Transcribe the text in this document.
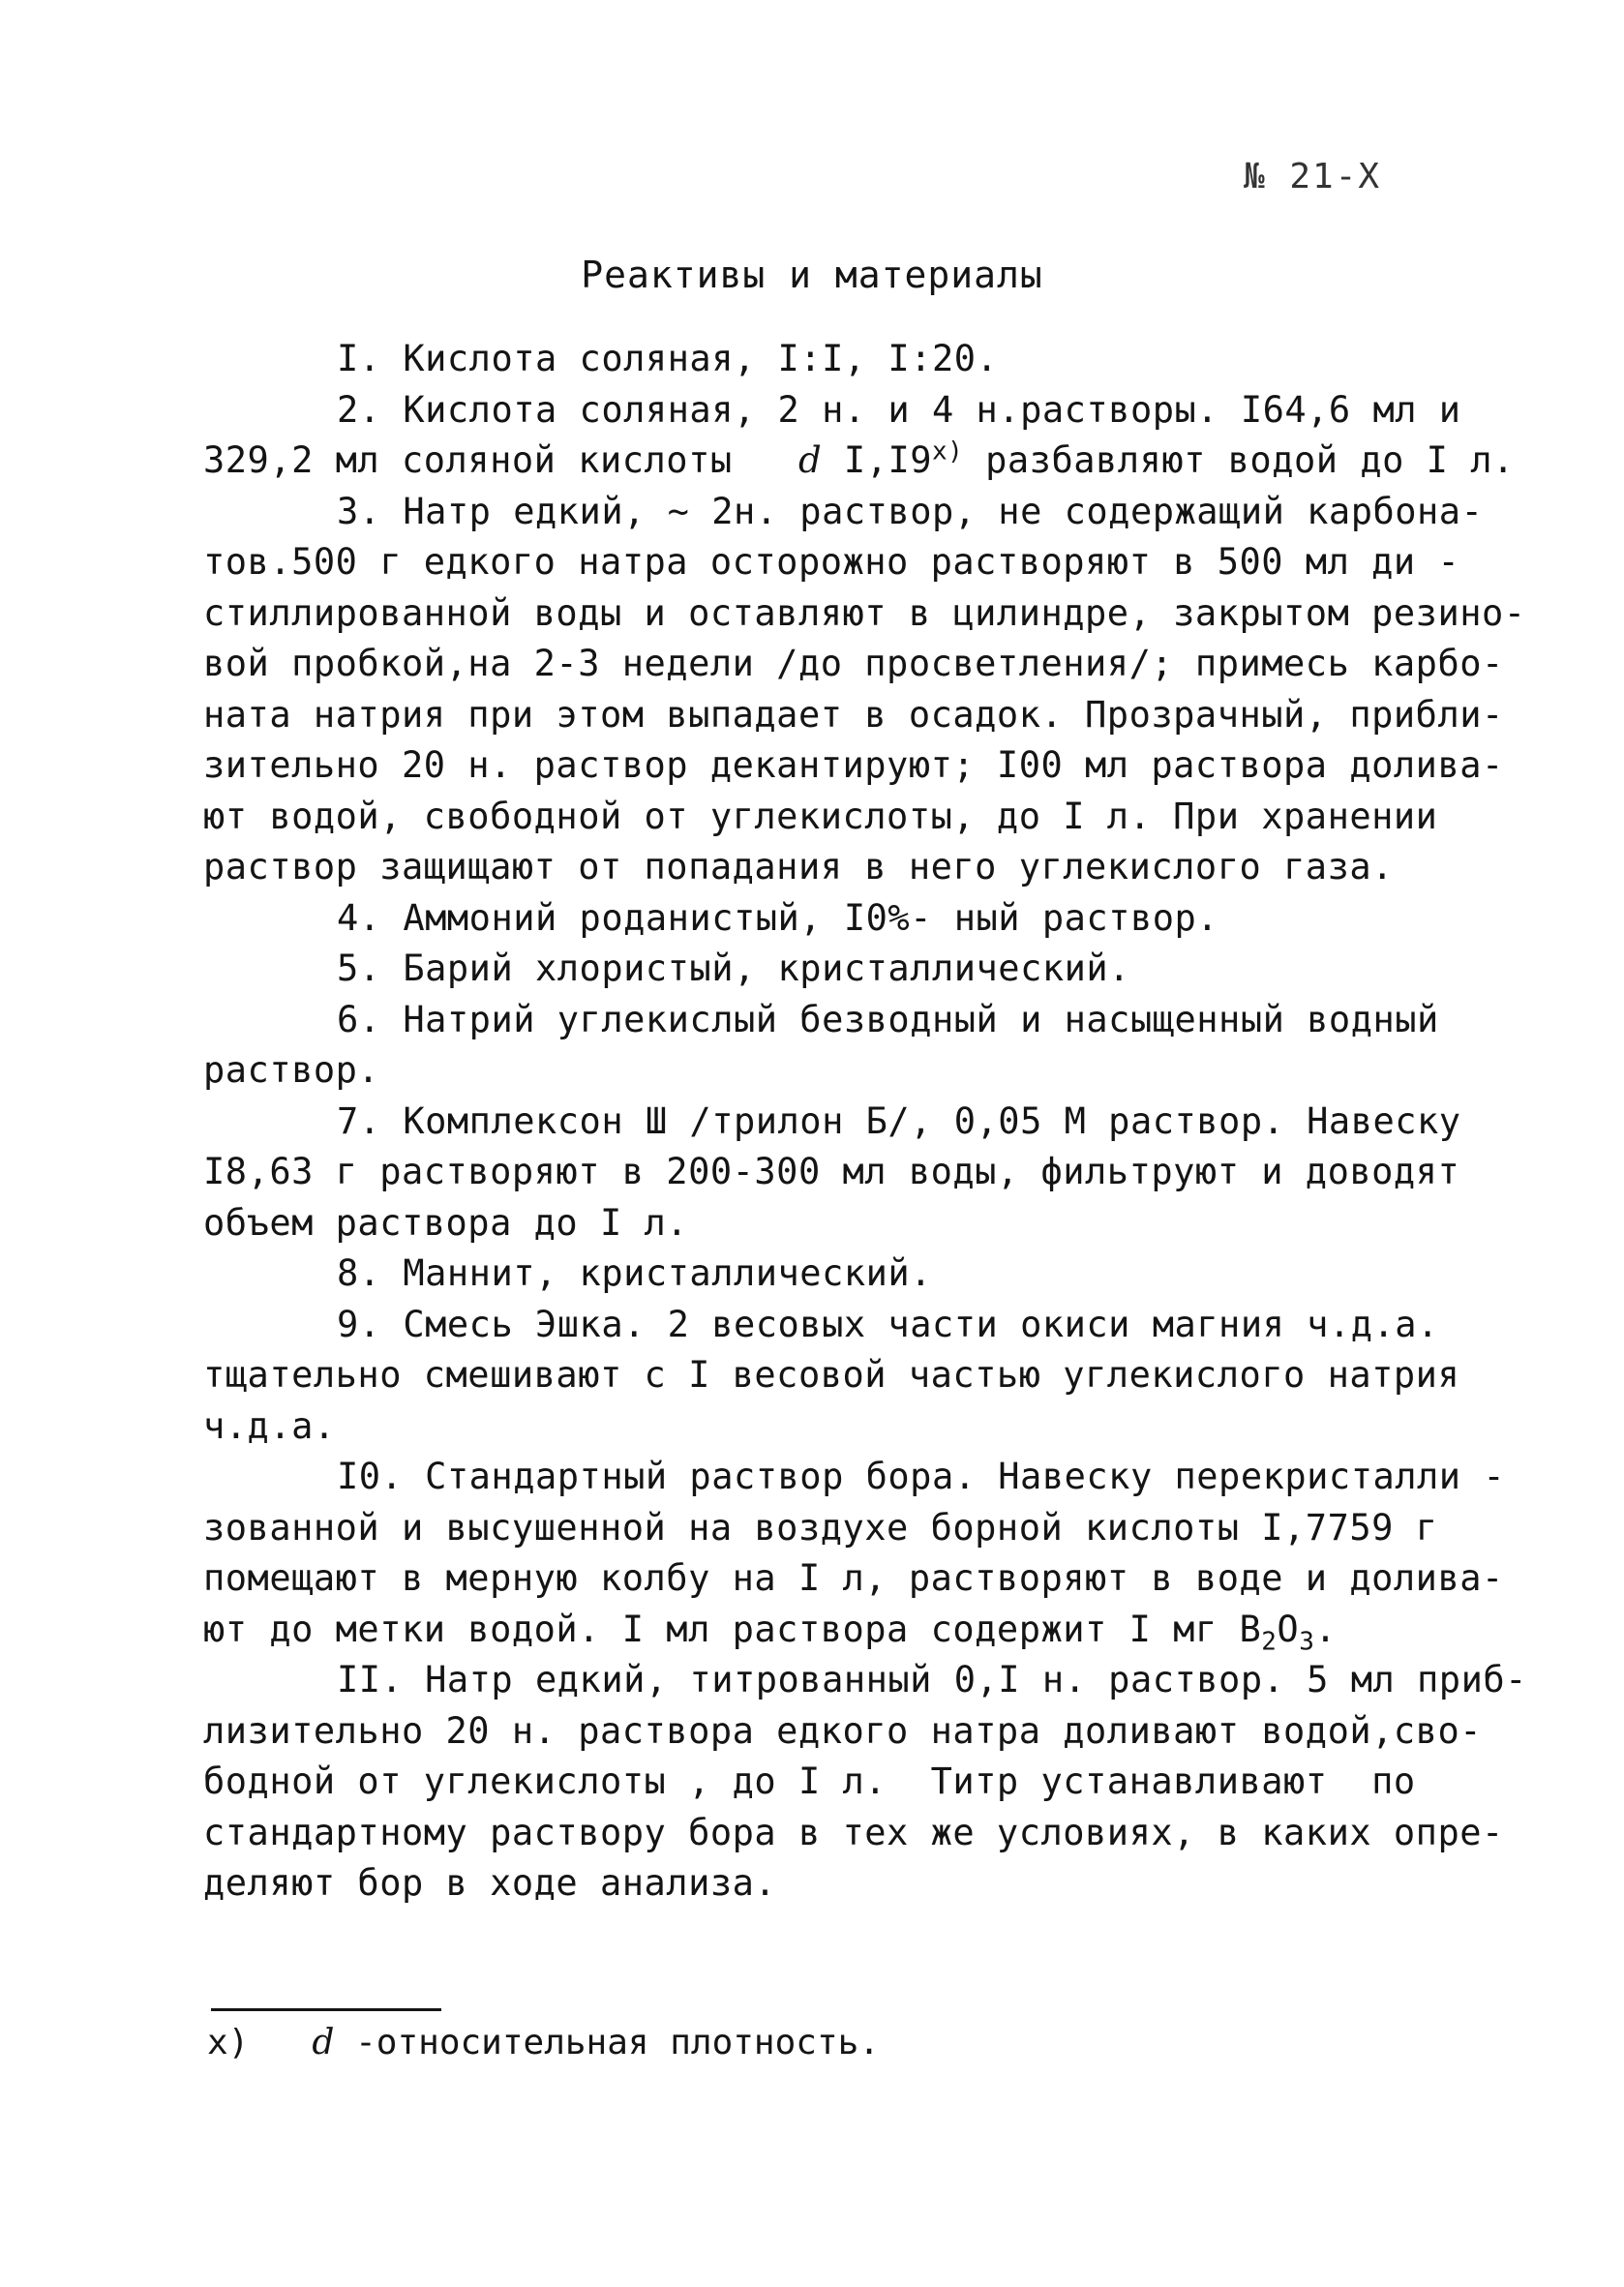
№ 21-Х
Реактивы и материалы
I. Кислота соляная, I:I, I:20.
2. Кислота соляная, 2 н. и 4 н.растворы. I64,6 мл и
329,2 мл соляной кислоты d I,I9$^{x)}$ разбавляют водой до I л.
3. Натр едкий, ~ 2н. раствор, не содержащий карбона-
тов.500 г едкого натра осторожно растворяют в 500 мл ди -
стиллированной воды и оставляют в цилиндре, закрытом резино-
вой пробкой,на 2-3 недели /до просветления/; примесь карбо-
ната натрия при этом выпадает в осадок. Прозрачный, прибли-
зительно 20 н. раствор декантируют; I00 мл раствора долива-
ют водой, свободной от углекислоты, до I л. При хранении
раствор защищают от попадания в него углекислого газа.
4. Аммоний роданистый, I0%- ный раствор.
5. Барий хлористый, кристаллический.
6. Натрий углекислый безводный и насыщенный водный
раствор.
7. Комплексон Ш /трилон Б/, 0,05 М раствор. Навеску
I8,63 г растворяют в 200-300 мл воды, фильтруют и доводят
объем раствора до I л.
8. Маннит, кристаллический.
9. Смесь Эшка. 2 весовых части окиси магния ч.д.а.
тщательно смешивают с I весовой частью углекислого натрия
ч.д.а.
I0. Стандартный раствор бора. Навеску перекристалли -
зованной и высушенной на воздухе борной кислоты I,7759 г
помещают в мерную колбу на I л, растворяют в воде и долива-
ют до метки водой. I мл раствора содержит I мг $B_2O_3$.
II. Натр едкий, титрованный 0,I н. раствор. 5 мл приб-
лизительно 20 н. раствора едкого натра доливают водой,сво-
бодной от углекислоты , до I л.  Титр устанавливают  по
стандартному раствору бора в тех же условиях, в каких опре-
деляют бор в ходе анализа.
x) d -относительная плотность.
